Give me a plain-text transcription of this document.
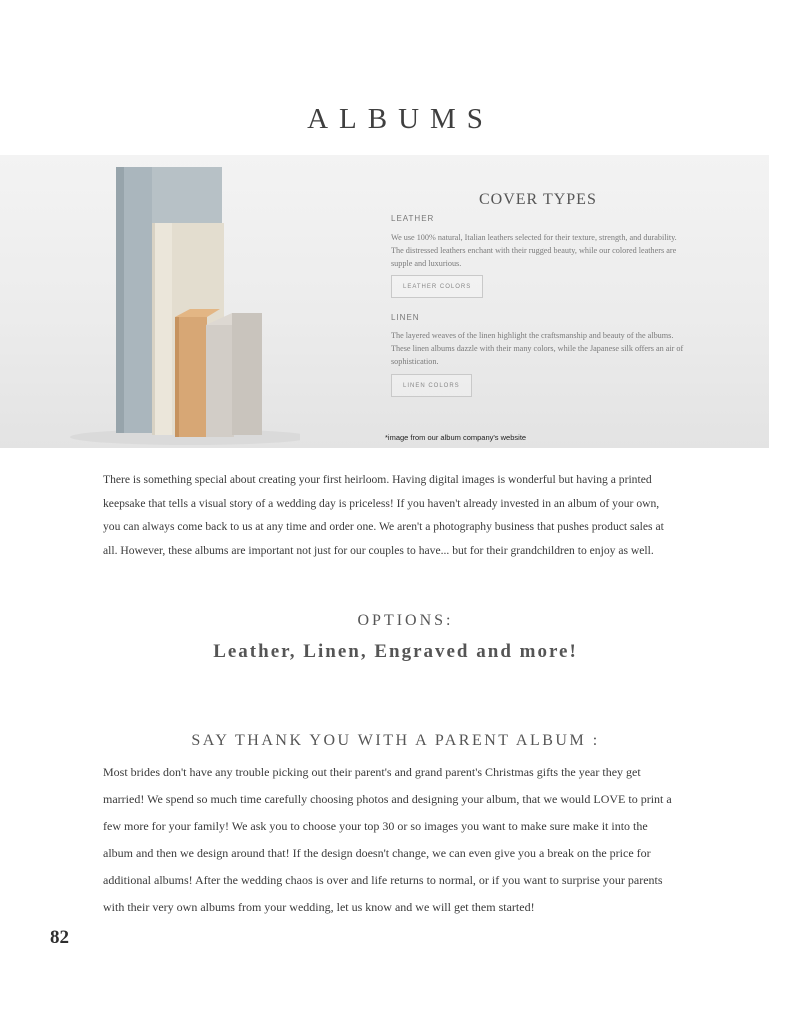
ALBUMS
COVER TYPES
LEATHER
We use 100% natural, Italian leathers selected for their texture, strength, and durability. The distressed leathers enchant with their rugged beauty, while our colored leathers are supple and luxurious.
LEATHER COLORS
LINEN
The layered weaves of the linen highlight the craftsmanship and beauty of the albums. These linen albums dazzle with their many colors, while the Japanese silk offers an air of sophistication.
LINEN COLORS
*image from our album company's website

There is something special about creating your first heirloom. Having digital images is wonderful but having a printed keepsake that tells a visual story of a wedding day is priceless! If you haven't already invested in an album of your own, you can always come back to us at any time and order one. We aren't a photography business that pushes product sales at all. However, these albums are important not just for our couples to have... but for their grandchildren to enjoy as well.

OPTIONS:
Leather, Linen, Engraved and more!
SAY THANK YOU WITH A PARENT ALBUM :

Most brides don't have any trouble picking out their parent's and grand parent's Christmas gifts the year they get married! We spend so much time carefully choosing photos and designing your album, that we would LOVE to print a few more for your family! We ask you to choose your top 30 or so images you want to make sure make it into the album and then we design around that! If the design doesn't change, we can even give you a break on the price for additional albums! After the wedding chaos is over and life returns to normal, or if you want to surprise your parents with their very own albums from your wedding, let us know and we will get them started!

82
